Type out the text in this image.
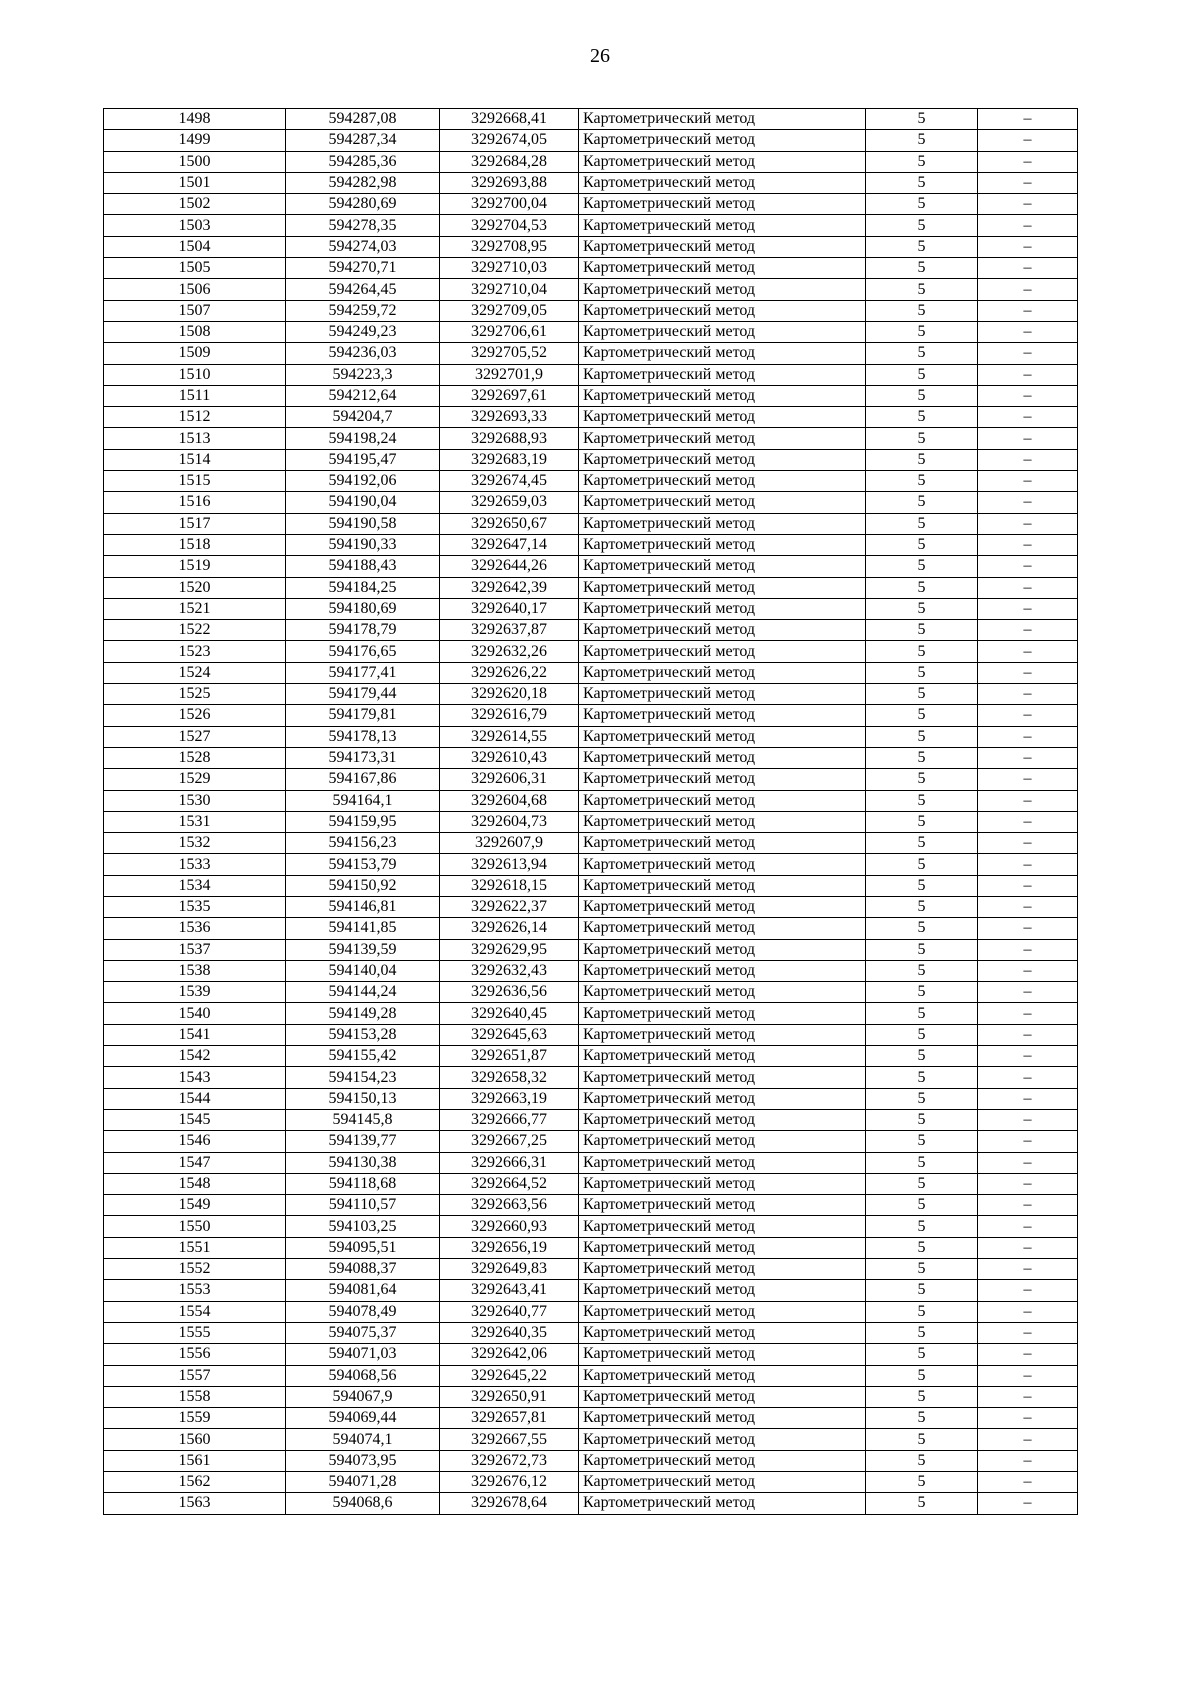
26
1498	594287,08	3292668,41	Картометрический метод	5	–
1499	594287,34	3292674,05	Картометрический метод	5	–
1500	594285,36	3292684,28	Картометрический метод	5	–
1501	594282,98	3292693,88	Картометрический метод	5	–
1502	594280,69	3292700,04	Картометрический метод	5	–
1503	594278,35	3292704,53	Картометрический метод	5	–
1504	594274,03	3292708,95	Картометрический метод	5	–
1505	594270,71	3292710,03	Картометрический метод	5	–
1506	594264,45	3292710,04	Картометрический метод	5	–
1507	594259,72	3292709,05	Картометрический метод	5	–
1508	594249,23	3292706,61	Картометрический метод	5	–
1509	594236,03	3292705,52	Картометрический метод	5	–
1510	594223,3	3292701,9	Картометрический метод	5	–
1511	594212,64	3292697,61	Картометрический метод	5	–
1512	594204,7	3292693,33	Картометрический метод	5	–
1513	594198,24	3292688,93	Картометрический метод	5	–
1514	594195,47	3292683,19	Картометрический метод	5	–
1515	594192,06	3292674,45	Картометрический метод	5	–
1516	594190,04	3292659,03	Картометрический метод	5	–
1517	594190,58	3292650,67	Картометрический метод	5	–
1518	594190,33	3292647,14	Картометрический метод	5	–
1519	594188,43	3292644,26	Картометрический метод	5	–
1520	594184,25	3292642,39	Картометрический метод	5	–
1521	594180,69	3292640,17	Картометрический метод	5	–
1522	594178,79	3292637,87	Картометрический метод	5	–
1523	594176,65	3292632,26	Картометрический метод	5	–
1524	594177,41	3292626,22	Картометрический метод	5	–
1525	594179,44	3292620,18	Картометрический метод	5	–
1526	594179,81	3292616,79	Картометрический метод	5	–
1527	594178,13	3292614,55	Картометрический метод	5	–
1528	594173,31	3292610,43	Картометрический метод	5	–
1529	594167,86	3292606,31	Картометрический метод	5	–
1530	594164,1	3292604,68	Картометрический метод	5	–
1531	594159,95	3292604,73	Картометрический метод	5	–
1532	594156,23	3292607,9	Картометрический метод	5	–
1533	594153,79	3292613,94	Картометрический метод	5	–
1534	594150,92	3292618,15	Картометрический метод	5	–
1535	594146,81	3292622,37	Картометрический метод	5	–
1536	594141,85	3292626,14	Картометрический метод	5	–
1537	594139,59	3292629,95	Картометрический метод	5	–
1538	594140,04	3292632,43	Картометрический метод	5	–
1539	594144,24	3292636,56	Картометрический метод	5	–
1540	594149,28	3292640,45	Картометрический метод	5	–
1541	594153,28	3292645,63	Картометрический метод	5	–
1542	594155,42	3292651,87	Картометрический метод	5	–
1543	594154,23	3292658,32	Картометрический метод	5	–
1544	594150,13	3292663,19	Картометрический метод	5	–
1545	594145,8	3292666,77	Картометрический метод	5	–
1546	594139,77	3292667,25	Картометрический метод	5	–
1547	594130,38	3292666,31	Картометрический метод	5	–
1548	594118,68	3292664,52	Картометрический метод	5	–
1549	594110,57	3292663,56	Картометрический метод	5	–
1550	594103,25	3292660,93	Картометрический метод	5	–
1551	594095,51	3292656,19	Картометрический метод	5	–
1552	594088,37	3292649,83	Картометрический метод	5	–
1553	594081,64	3292643,41	Картометрический метод	5	–
1554	594078,49	3292640,77	Картометрический метод	5	–
1555	594075,37	3292640,35	Картометрический метод	5	–
1556	594071,03	3292642,06	Картометрический метод	5	–
1557	594068,56	3292645,22	Картометрический метод	5	–
1558	594067,9	3292650,91	Картометрический метод	5	–
1559	594069,44	3292657,81	Картометрический метод	5	–
1560	594074,1	3292667,55	Картометрический метод	5	–
1561	594073,95	3292672,73	Картометрический метод	5	–
1562	594071,28	3292676,12	Картометрический метод	5	–
1563	594068,6	3292678,64	Картометрический метод	5	–
